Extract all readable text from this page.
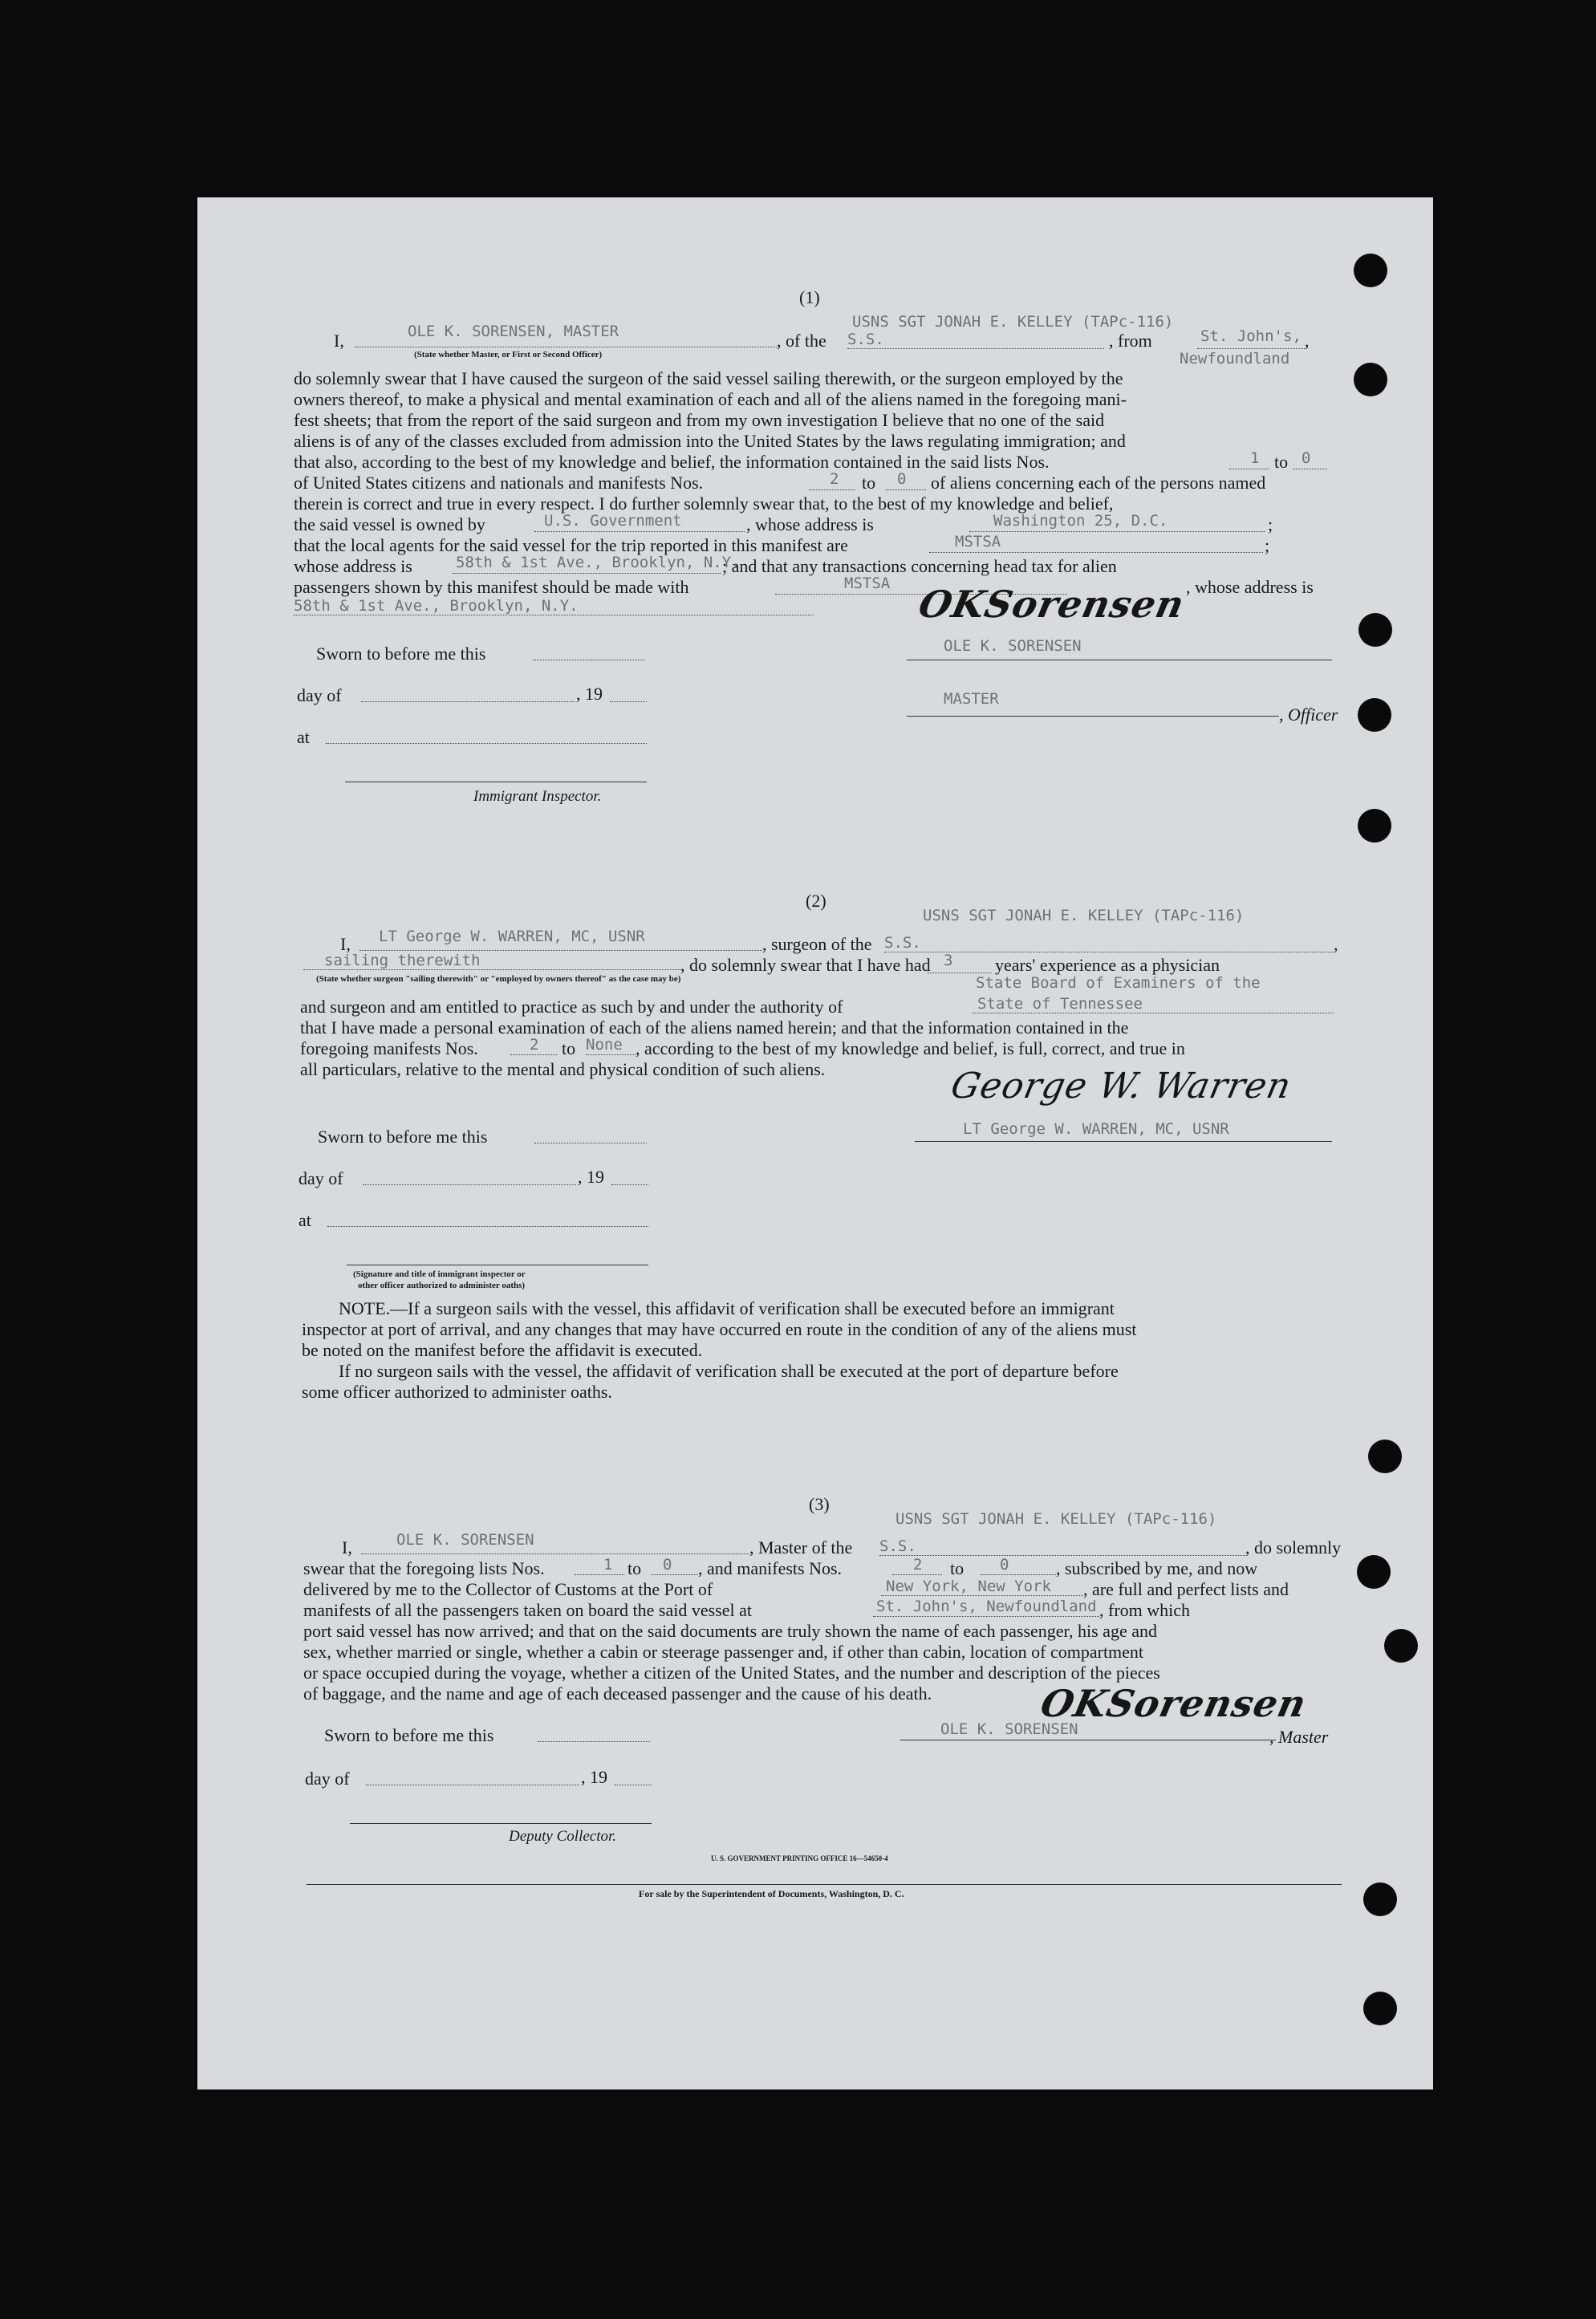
(1)
USNS SGT JONAH E. KELLEY (TAPc-116)
I,	OLE K. SORENSEN, MASTER
(State whether Master, or First or Second Officer)
, of the S.S.	, from	St. John's, ,
Newfoundland
do solemnly swear that I have caused the surgeon of the said vessel sailing therewith, or the surgeon employed by the
owners thereof, to make a physical and mental examination of each and all of the aliens named in the foregoing mani-
fest sheets; that from the report of the said surgeon and from my own investigation I believe that no one of the said
aliens is of any of the classes excluded from admission into the United States by the laws regulating immigration; and
that also, according to the best of my knowledge and belief, the information contained in the said lists Nos.	1 to 0
of United States citizens and nationals and manifests Nos.	2 to 0 of aliens concerning each of the persons named
therein is correct and true in every respect. I do further solemnly swear that, to the best of my knowledge and belief,
the said vessel is owned by	U.S. Government	, whose address is	Washington 25, D.C.	;
that the local agents for the said vessel for the trip reported in this manifest are	MSTSA	;
whose address is	58th & 1st Ave., Brooklyn, N.Y.
; and that any transactions concerning head tax for alien
passengers shown by this manifest should be made with	MSTSA	, whose address is
58th & 1st Ave., Brooklyn, N.Y.	OKSorensen
OLE K. SORENSEN
MASTER
, Officer
Sworn to before me this
day of	, 19
at
Immigrant Inspector.
(2)
USNS SGT JONAH E. KELLEY (TAPc-116)
I, LT George W. WARREN, MC, USNR	, surgeon of the S.S.	,
sailing therewith	, do solemnly swear that I have had 3 years' experience as a physician
(State whether surgeon "sailing therewith" or "employed by owners thereof" as the case may be)	State Board of Examiners of the
and surgeon and am entitled to practice as such by and under the authority of	State of Tennessee
that I have made a personal examination of each of the aliens named herein; and that the information contained in the
foregoing manifests Nos.	2 to None , according to the best of my knowledge and belief, is full, correct, and true in
all particulars, relative to the mental and physical condition of such aliens.	George W. Warren
LT George W. WARREN, MC, USNR
Sworn to before me this
day of	, 19
at
(Signature and title of immigrant inspector or
other officer authorized to administer oaths)
NOTE.—If a surgeon sails with the vessel, this affidavit of verification shall be executed before an immigrant
inspector at port of arrival, and any changes that may have occurred en route in the condition of any of the aliens must
be noted on the manifest before the affidavit is executed.
If no surgeon sails with the vessel, the affidavit of verification shall be executed at the port of departure before
some officer authorized to administer oaths.
(3)
USNS SGT JONAH E. KELLEY (TAPc-116)
I,	OLE K. SORENSEN	, Master of the S.S.	, do solemnly
swear that the foregoing lists Nos.	1 to 0 , and manifests Nos.	2 to 0	, subscribed by me, and now
delivered by me to the Collector of Customs at the Port of	New York, New York , are full and perfect lists and
manifests of all the passengers taken on board the said vessel at	St. John's, Newfoundland , from which
port said vessel has now arrived; and that on the said documents are truly shown the name of each passenger, his age and
sex, whether married or single, whether a cabin or steerage passenger and, if other than cabin, location of compartment
or space occupied during the voyage, whether a citizen of the United States, and the number and description of the pieces
of baggage, and the name and age of each deceased passenger and the cause of his death.	OKSorensen
OLE K. SORENSEN	, Master
Sworn to before me this
day of	, 19
Deputy Collector.
U. S. GOVERNMENT PRINTING OFFICE 16—54650-4
For sale by the Superintendent of Documents, Washington, D. C.
